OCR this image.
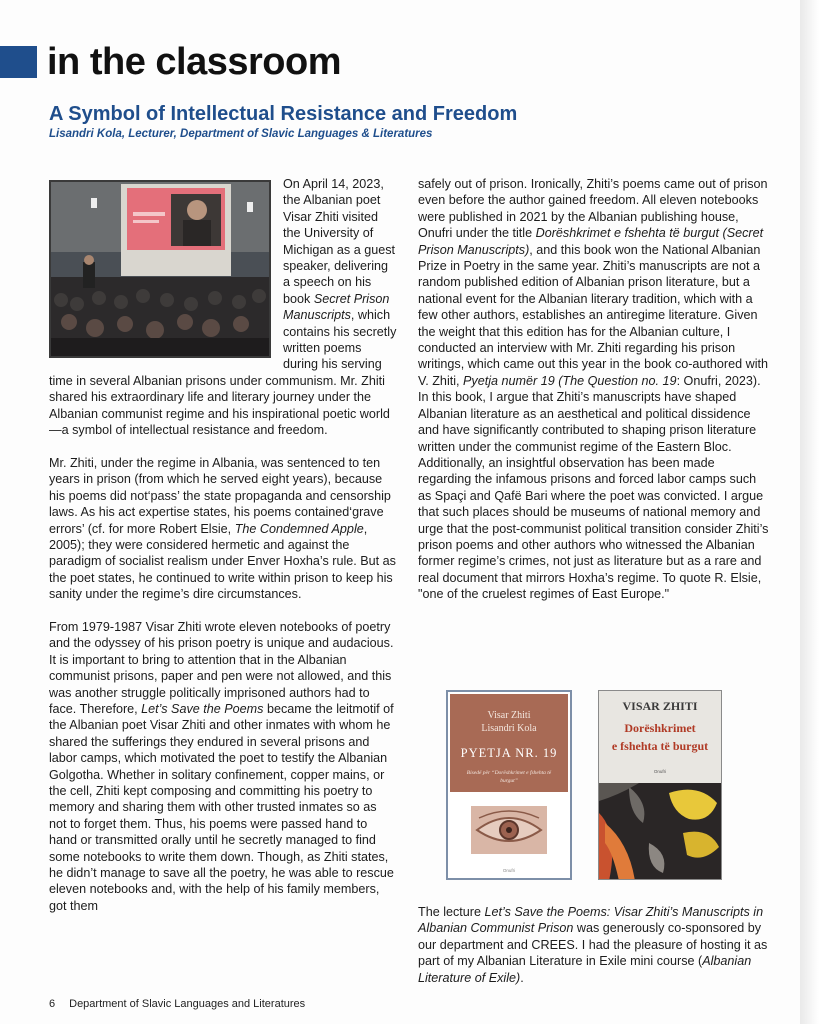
in the classroom
A Symbol of Intellectual Resistance and Freedom
Lisandri Kola, Lecturer, Department of Slavic Languages & Literatures

On April 14, 2023, the Albanian poet Visar Zhiti visited the University of Michigan as a guest speaker, delivering a speech on his book Secret Prison Manuscripts, which contains his secretly written poems during his serving time in several Albanian prisons under communism. Mr. Zhiti shared his extraordinary life and literary journey under the Albanian communist regime and his inspirational poetic world—a symbol of intellectual resistance and freedom.

Mr. Zhiti, under the regime in Albania, was sentenced to ten years in prison (from which he served eight years), because his poems did not‘pass’ the state propaganda and censorship laws. As his act expertise states, his poems contained‘grave errors’ (cf. for more Robert Elsie, The Condemned Apple, 2005); they were considered hermetic and against the paradigm of socialist realism under Enver Hoxha’s rule. But as the poet states, he continued to write within prison to keep his sanity under the regime’s dire circumstances.

From 1979-1987 Visar Zhiti wrote eleven notebooks of poetry and the odyssey of his prison poetry is unique and audacious. It is important to bring to attention that in the Albanian communist prisons, paper and pen were not allowed, and this was another struggle politically imprisoned authors had to face. Therefore, Let’s Save the Poems became the leitmotif of the Albanian poet Visar Zhiti and other inmates with whom he shared the sufferings they endured in several prisons and labor camps, which motivated the poet to testify the Albanian Golgotha. Whether in solitary confinement, copper mains, or the cell, Zhiti kept composing and committing his poetry to memory and sharing them with other trusted inmates so as not to forget them. Thus, his poems were passed hand to hand or transmitted orally until he secretly managed to find some notebooks to write them down. Though, as Zhiti states, he didn’t manage to save all the poetry, he was able to rescue eleven notebooks and, with the help of his family members, got them

safely out of prison. Ironically, Zhiti’s poems came out of prison even before the author gained freedom. All eleven notebooks were published in 2021 by the Albanian publishing house, Onufri under the title Dorëshkrimet e fshehta të burgut (Secret Prison Manuscripts), and this book won the National Albanian Prize in Poetry in the same year. Zhiti’s manuscripts are not a random published edition of Albanian prison literature, but a national event for the Albanian literary tradition, which with a few other authors, establishes an antiregime literature. Given the weight that this edition has for the Albanian culture, I conducted an interview with Mr. Zhiti regarding his prison writings, which came out this year in the book co-authored with V. Zhiti, Pyetja numër 19 (The Question no. 19: Onufri, 2023). In this book, I argue that Zhiti’s manuscripts have shaped Albanian literature as an aesthetical and political dissidence and have significantly contributed to shaping prison literature written under the communist regime of the Eastern Bloc. Additionally, an insightful observation has been made regarding the infamous prisons and forced labor camps such as Spaçi and Qafë Bari where the poet was convicted. I argue that such places should be museums of national memory and urge that the post-communist political transition consider Zhiti’s prison poems and other authors who witnessed the Albanian former regime’s crimes, not just as literature but as a rare and real document that mirrors Hoxha’s regime. To quote R. Elsie, "one of the cruelest regimes of East Europe."

Visar Zhiti
Lisandri Kola
PYETJA NR. 19
Bisedë për “Dorëshkrimet e fshehta të burgut”
Onufri
VISAR ZHITI
Dorëshkrimet
e fshehta të burgut
Onufri
The lecture Let’s Save the Poems: Visar Zhiti’s Manuscripts in Albanian Communist Prison was generously co-sponsored by our department and CREES. I had the pleasure of hosting it as part of my Albanian Literature in Exile mini course (Albanian Literature of Exile).
6 Department of Slavic Languages and Literatures
